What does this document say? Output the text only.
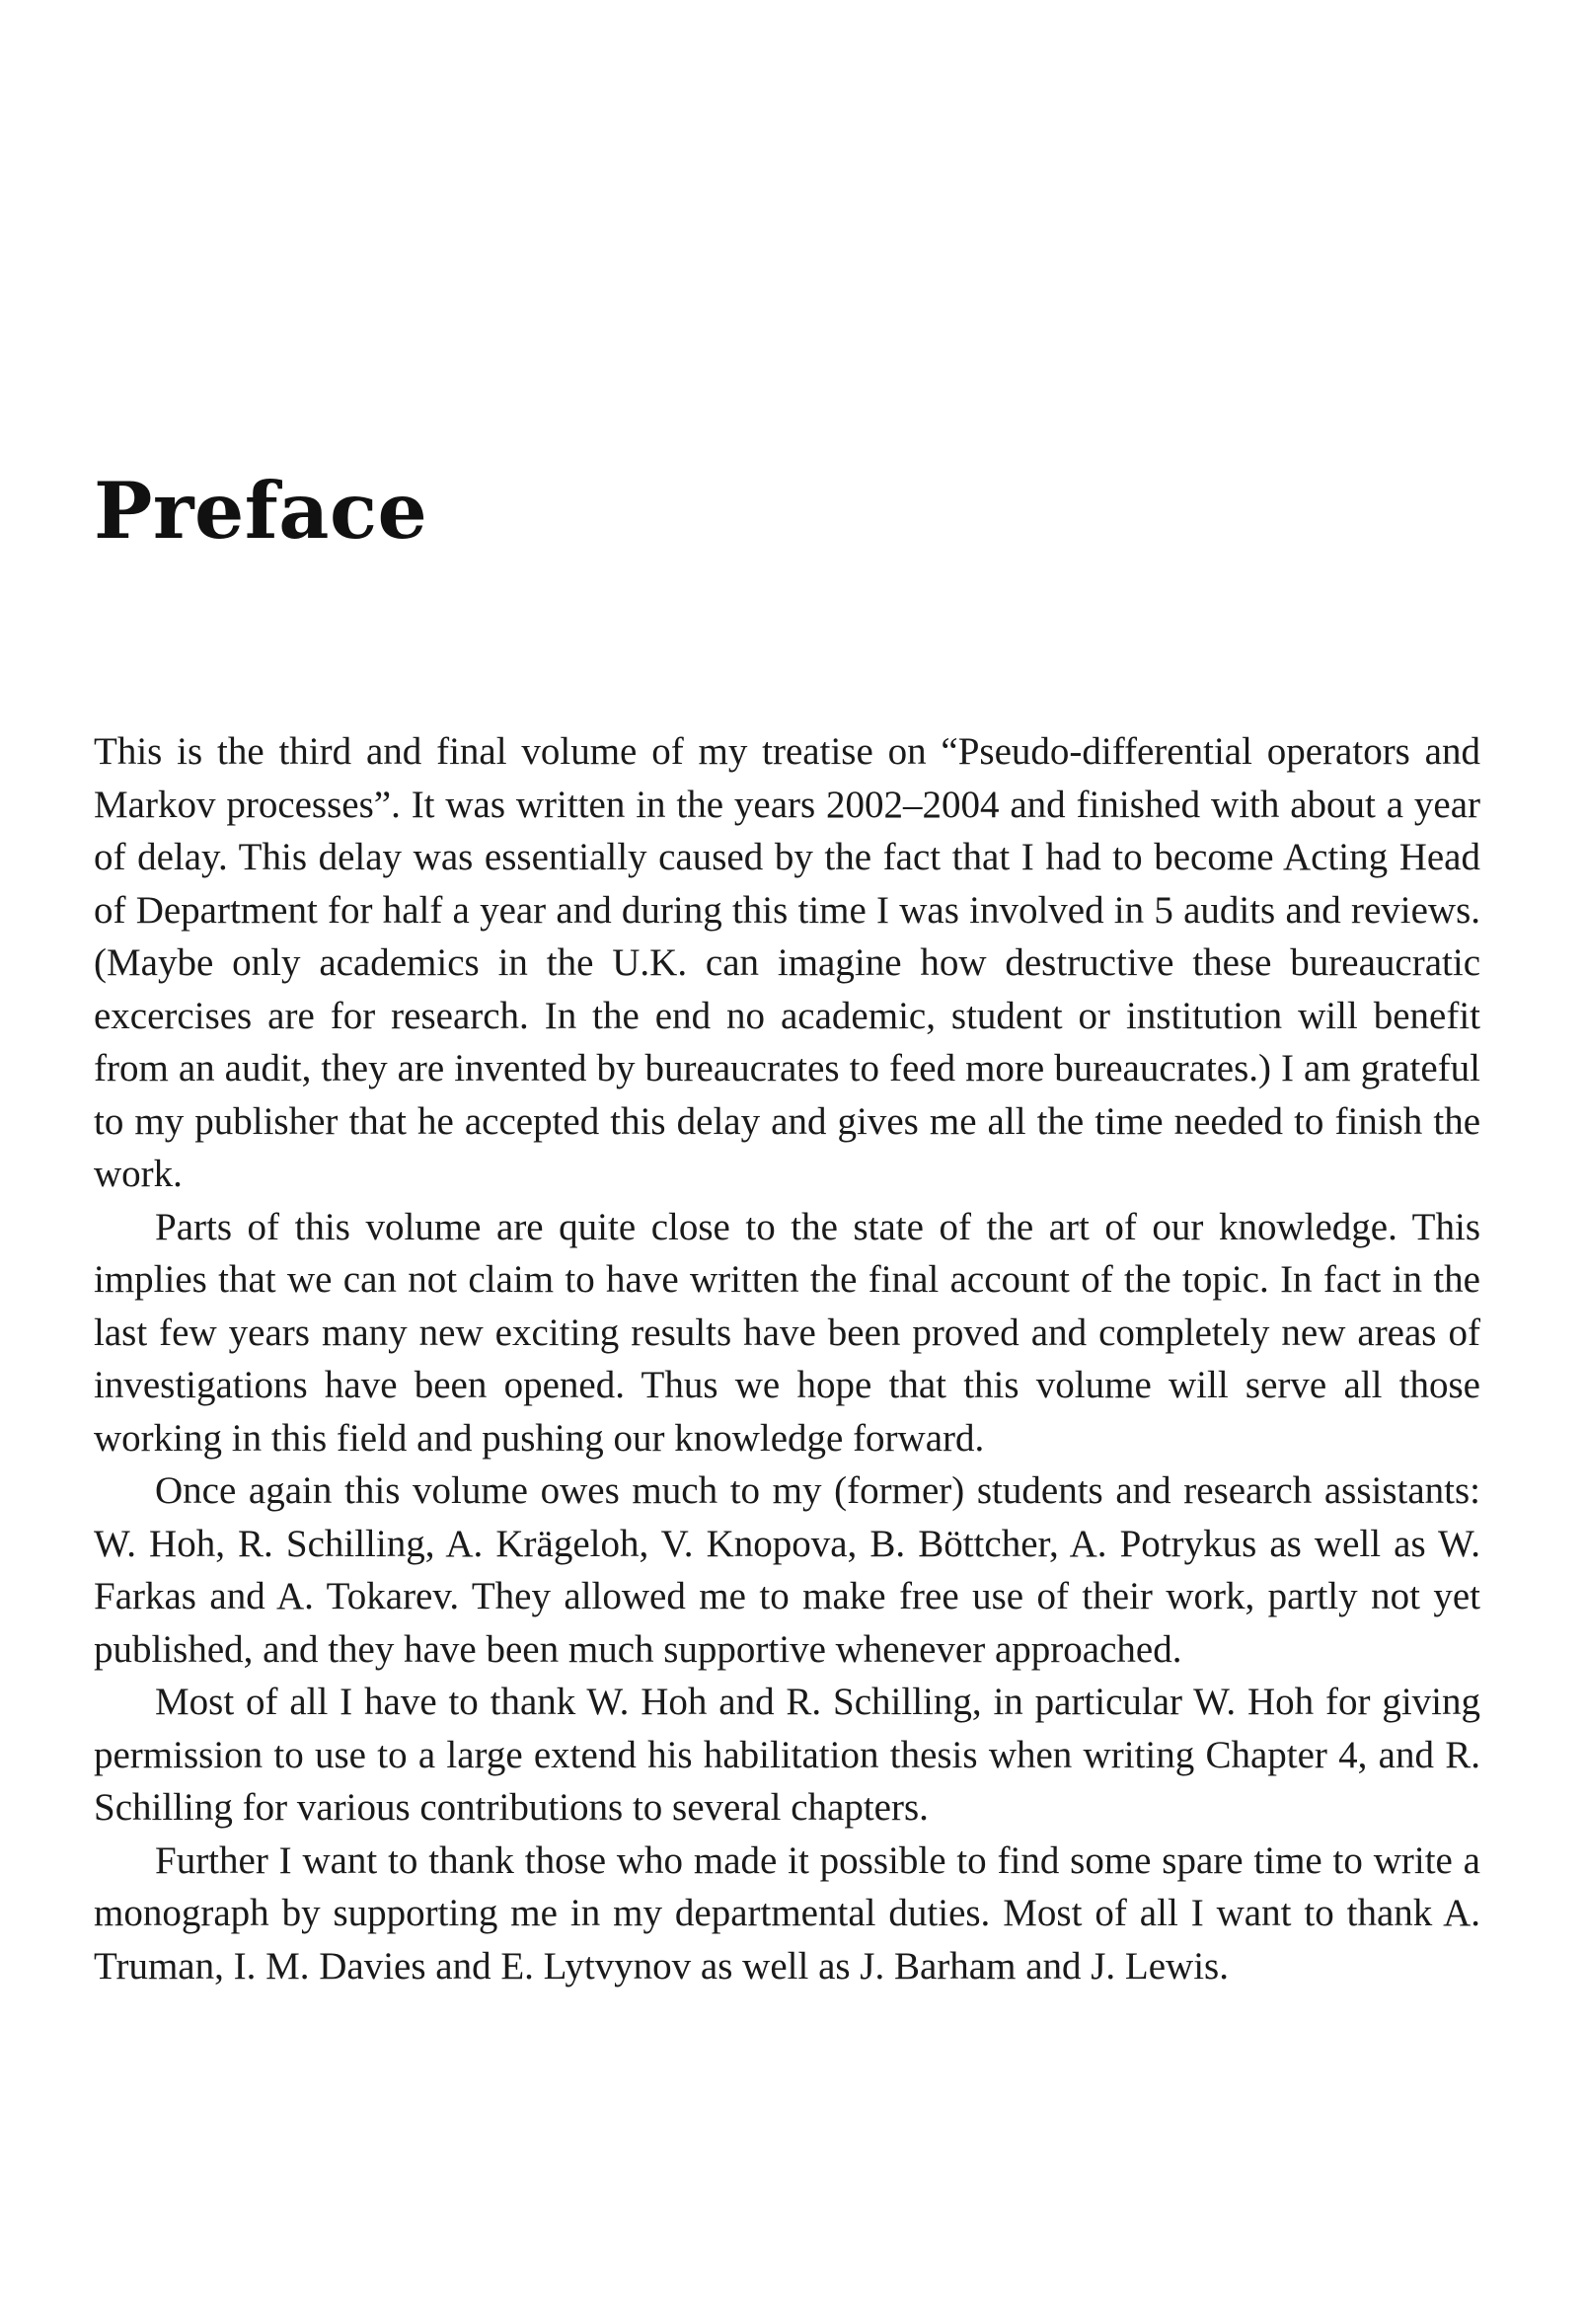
Preface

This is the third and final volume of my treatise on “Pseudo-differential operators and Markov processes”. It was written in the years 2002–2004 and finished with about a year of delay. This delay was essentially caused by the fact that I had to become Acting Head of Department for half a year and during this time I was involved in 5 audits and reviews. (Maybe only academics in the U.K. can imagine how destructive these bureaucratic excercises are for research. In the end no academic, student or institution will benefit from an audit, they are invented by bureaucrates to feed more bureaucrates.) I am grateful to my publisher that he accepted this delay and gives me all the time needed to finish the work.

Parts of this volume are quite close to the state of the art of our knowledge. This implies that we can not claim to have written the final account of the topic. In fact in the last few years many new exciting results have been proved and completely new areas of investigations have been opened. Thus we hope that this volume will serve all those working in this field and pushing our knowledge forward.

Once again this volume owes much to my (former) students and research assistants: W. Hoh, R. Schilling, A. Krägeloh, V. Knopova, B. Böttcher, A. Potrykus as well as W. Farkas and A. Tokarev. They allowed me to make free use of their work, partly not yet published, and they have been much supportive whenever approached.

Most of all I have to thank W. Hoh and R. Schilling, in particular W. Hoh for giving permission to use to a large extend his habilitation thesis when writing Chapter 4, and R. Schilling for various contributions to several chapters.

Further I want to thank those who made it possible to find some spare time to write a monograph by supporting me in my departmental duties. Most of all I want to thank A. Truman, I. M. Davies and E. Lytvynov as well as J. Barham and J. Lewis.
